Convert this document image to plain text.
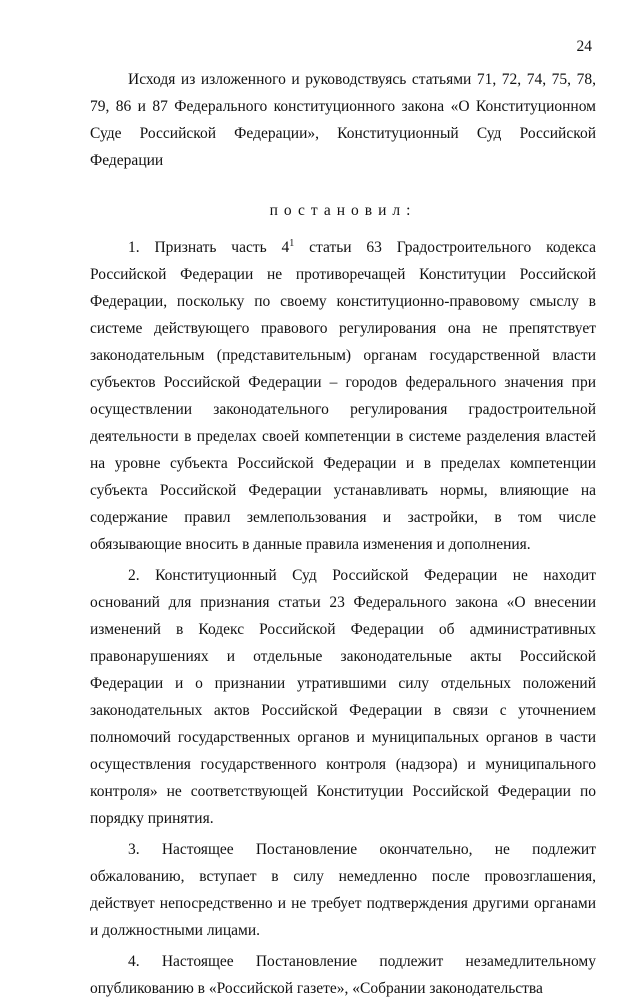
24

Исходя из изложенного и руководствуясь статьями 71, 72, 74, 75, 78, 79, 86 и 87 Федерального конституционного закона «О Конституционном Суде Российской Федерации», Конституционный Суд Российской Федерации

постановил:

1. Признать часть $4^1$ статьи 63 Градостроительного кодекса Российской Федерации не противоречащей Конституции Российской Федерации, поскольку по своему конституционно-правовому смыслу в системе действующего правового регулирования она не препятствует законодательным (представительным) органам государственной власти субъектов Российской Федерации – городов федерального значения при осуществлении законодательного регулирования градостроительной деятельности в пределах своей компетенции в системе разделения властей на уровне субъекта Российской Федерации и в пределах компетенции субъекта Российской Федерации устанавливать нормы, влияющие на содержание правил землепользования и застройки, в том числе обязывающие вносить в данные правила изменения и дополнения.

2. Конституционный Суд Российской Федерации не находит оснований для признания статьи 23 Федерального закона «О внесении изменений в Кодекс Российской Федерации об административных правонарушениях и отдельные законодательные акты Российской Федерации и о признании утратившими силу отдельных положений законодательных актов Российской Федерации в связи с уточнением полномочий государственных органов и муниципальных органов в части осуществления государственного контроля (надзора) и муниципального контроля» не соответствующей Конституции Российской Федерации по порядку принятия.

3. Настоящее Постановление окончательно, не подлежит обжалованию, вступает в силу немедленно после провозглашения, действует непосредственно и не требует подтверждения другими органами и должностными лицами.

4. Настоящее Постановление подлежит незамедлительному опубликованию в «Российской газете», «Собрании законодательства
